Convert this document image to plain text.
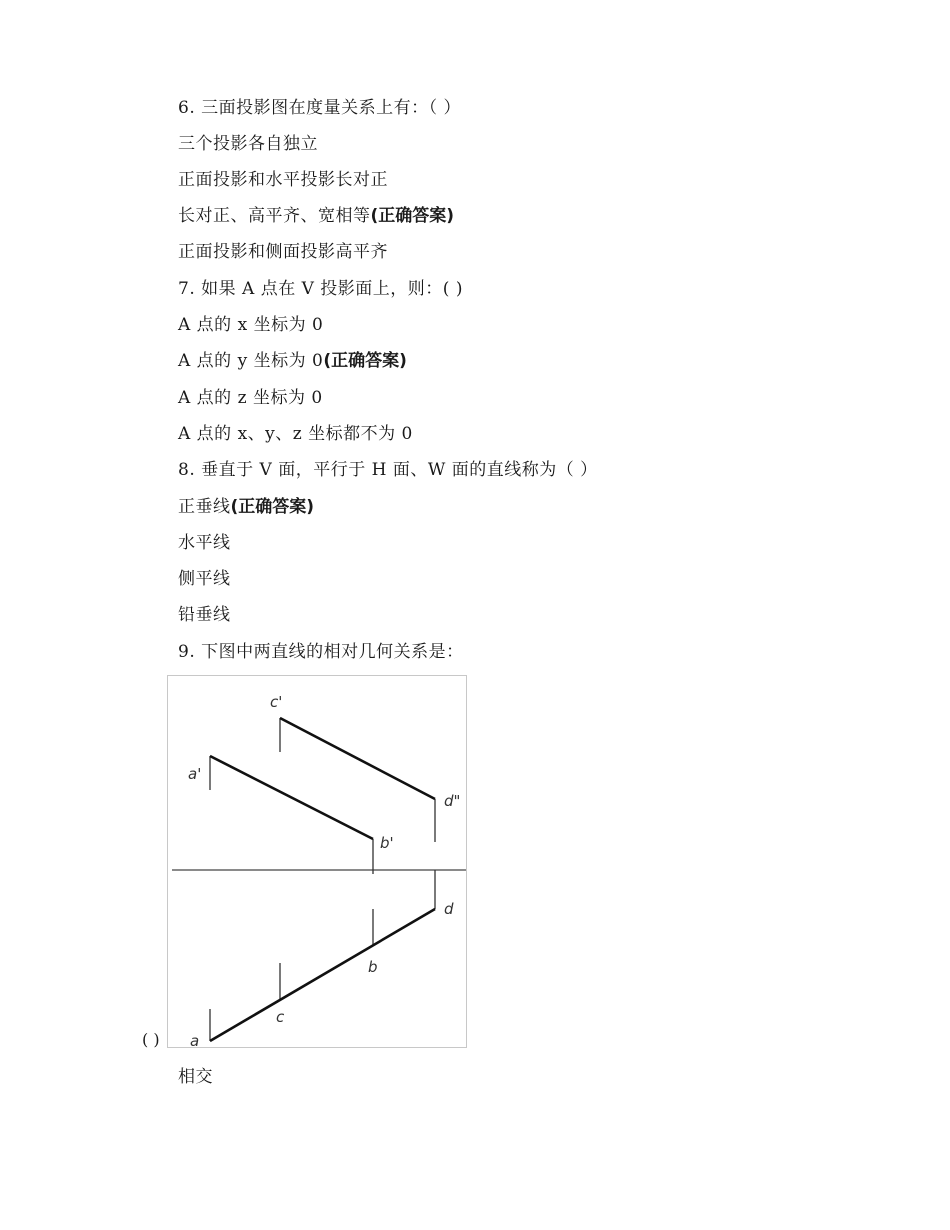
6. 三面投影图在度量关系上有：（ ）
三个投影各自独立
正面投影和水平投影长对正
长对正、高平齐、宽相等(正确答案)
正面投影和侧面投影高平齐
7. 如果 A 点在 V 投影面上，则：( )
A 点的 x 坐标为 0
A 点的 y 坐标为 0(正确答案)
A 点的 z 坐标为 0
A 点的 x、y、z 坐标都不为 0
8. 垂直于 V 面，平行于 H 面、W 面的直线称为（ ）
正垂线(正确答案)
水平线
侧平线
铅垂线
9. 下图中两直线的相对几何关系是：
c'
a'
d"
b'
d
b
c
a
( )
相交
